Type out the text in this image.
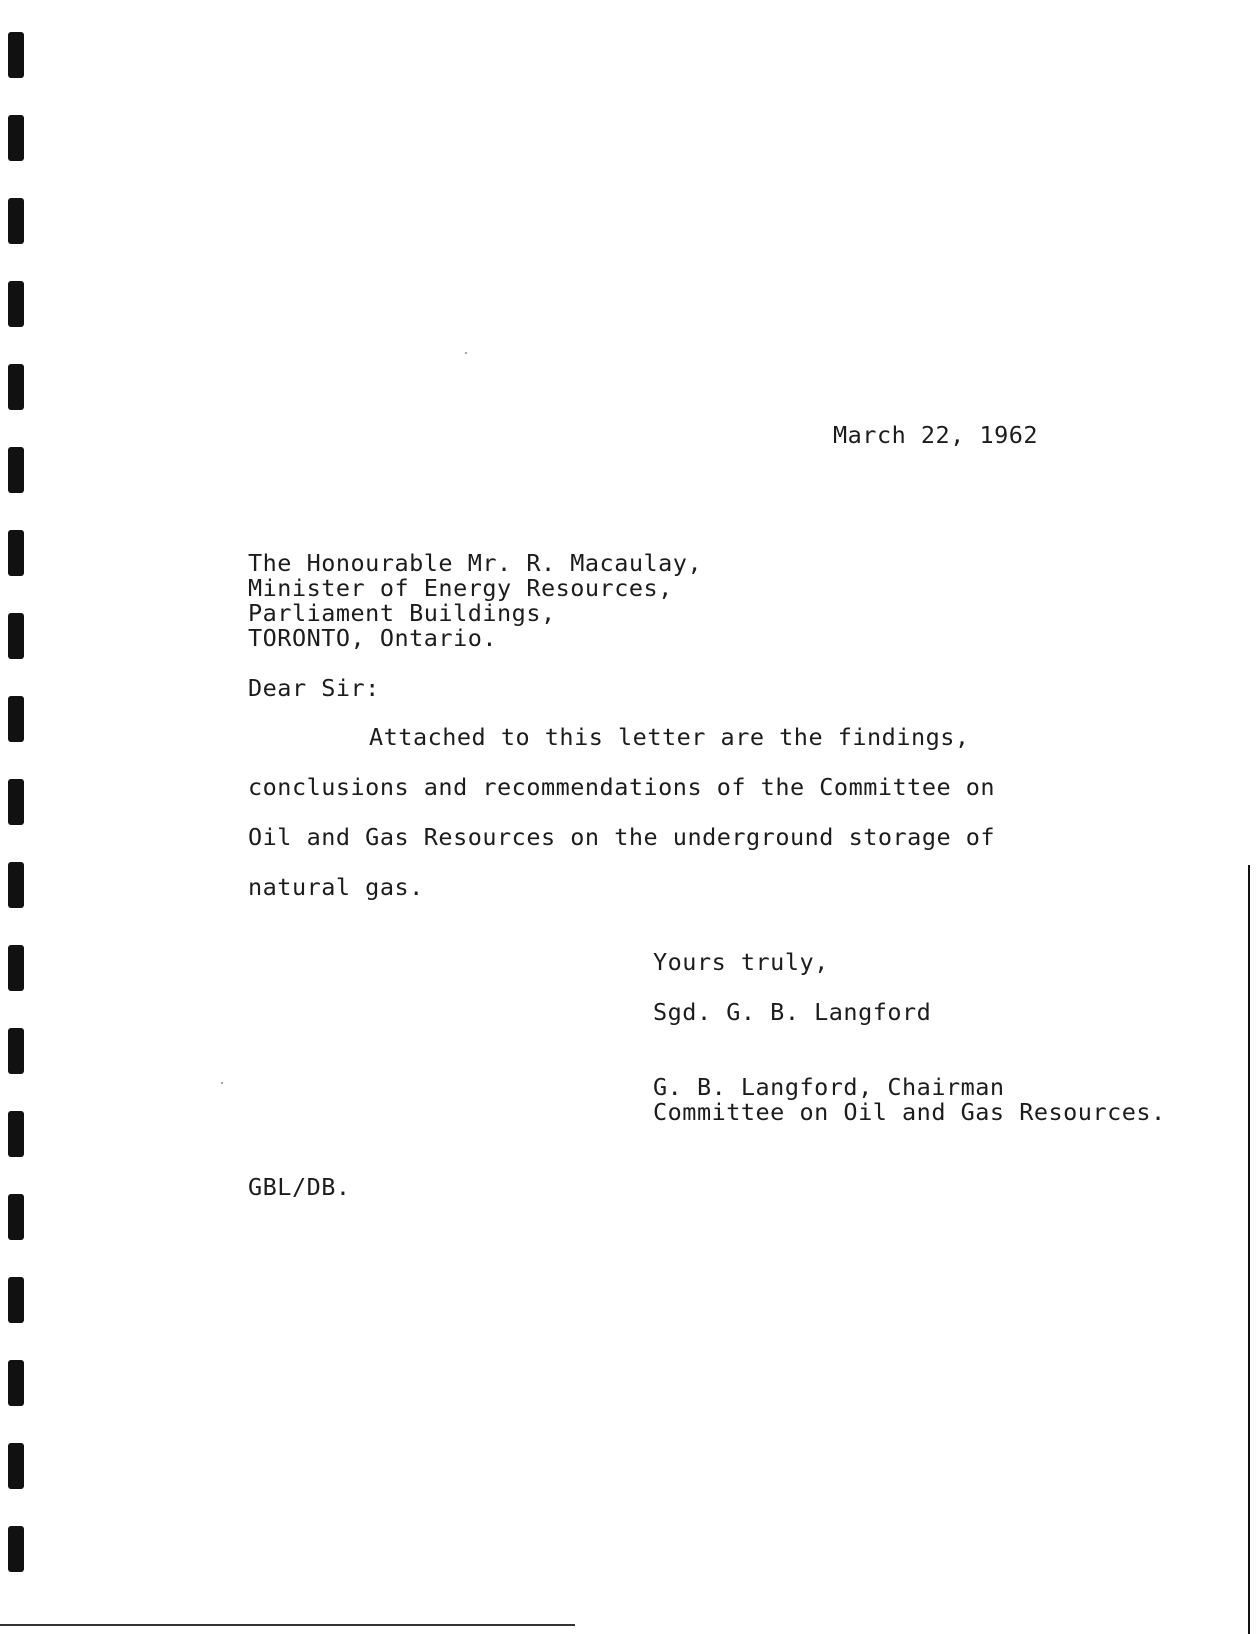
March 22, 1962
The Honourable Mr. R. Macaulay,
Minister of Energy Resources,
Parliament Buildings,
TORONTO, Ontario.
Dear Sir:
Attached to this letter are the findings,
conclusions and recommendations of the Committee on
Oil and Gas Resources on the underground storage of
natural gas.
Yours truly,
Sgd. G. B. Langford
G. B. Langford, Chairman
Committee on Oil and Gas Resources.
GBL/DB.
